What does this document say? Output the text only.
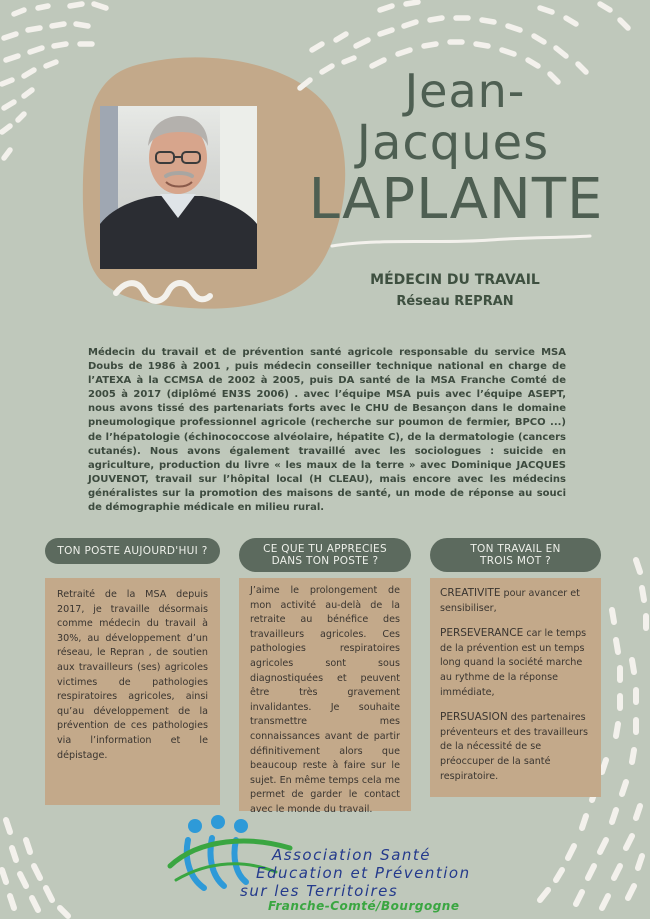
Jean-
Jacques
LAPLANTE
MÉDECIN DU TRAVAIL
Réseau REPRAN
Médecin du travail et de prévention santé agricole responsable du service MSA Doubs de 1986 à 2001 , puis médecin conseiller technique national en charge de l’ATEXA à la CCMSA de 2002 à 2005, puis DA santé de la MSA Franche Comté de 2005 à 2017 (diplômé EN3S 2006) . avec l’équipe MSA puis avec l’équipe ASEPT, nous avons tissé des partenariats forts avec le CHU de Besançon dans le domaine pneumologique professionnel agricole (recherche sur poumon de fermier, BPCO ...) de l’hépatologie (échinococcose alvéolaire, hépatite C), de la dermatologie (cancers cutanés). Nous avons également travaillé avec les sociologues : suicide en agriculture, production du livre « les maux de la terre » avec Dominique JACQUES JOUVENOT, travail sur l’hôpital local (H CLEAU), mais encore avec les médecins généralistes sur la promotion des maisons de santé, un mode de réponse au souci de démographie médicale en milieu rural.
TON POSTE AUJOURD'HUI ?	CE QUE TU APPRECIES
DANS TON POSTE ?
TON TRAVAIL EN
TROIS MOT ?
Retraité de la MSA depuis 2017, je travaille désormais comme médecin du travail à 30%, au développement d’un réseau, le Repran , de soutien aux travailleurs (ses) agricoles victimes de pathologies respiratoires agricoles, ainsi qu’au développement de la prévention de ces pathologies via l’information et le dépistage.
J’aime le prolongement de mon activité au-delà de la retraite au bénéfice des travailleurs agricoles. Ces pathologies respiratoires agricoles sont sous diagnostiquées et peuvent être très gravement invalidantes. Je souhaite transmettre mes connaissances avant de partir définitivement alors que beaucoup reste à faire sur le sujet. En même temps cela me permet de garder le contact avec le monde du travail.

CREATIVITE pour avancer et sensibiliser,

PERSEVERANCE car le temps de la prévention est un temps long quand la société marche au rythme de la réponse immédiate,

PERSUASION des partenaires préventeurs et des travailleurs de la nécessité de se préoccuper de la santé respiratoire.

Association Santé
Education et Prévention
sur les Territoires
Franche-Comté/Bourgogne
